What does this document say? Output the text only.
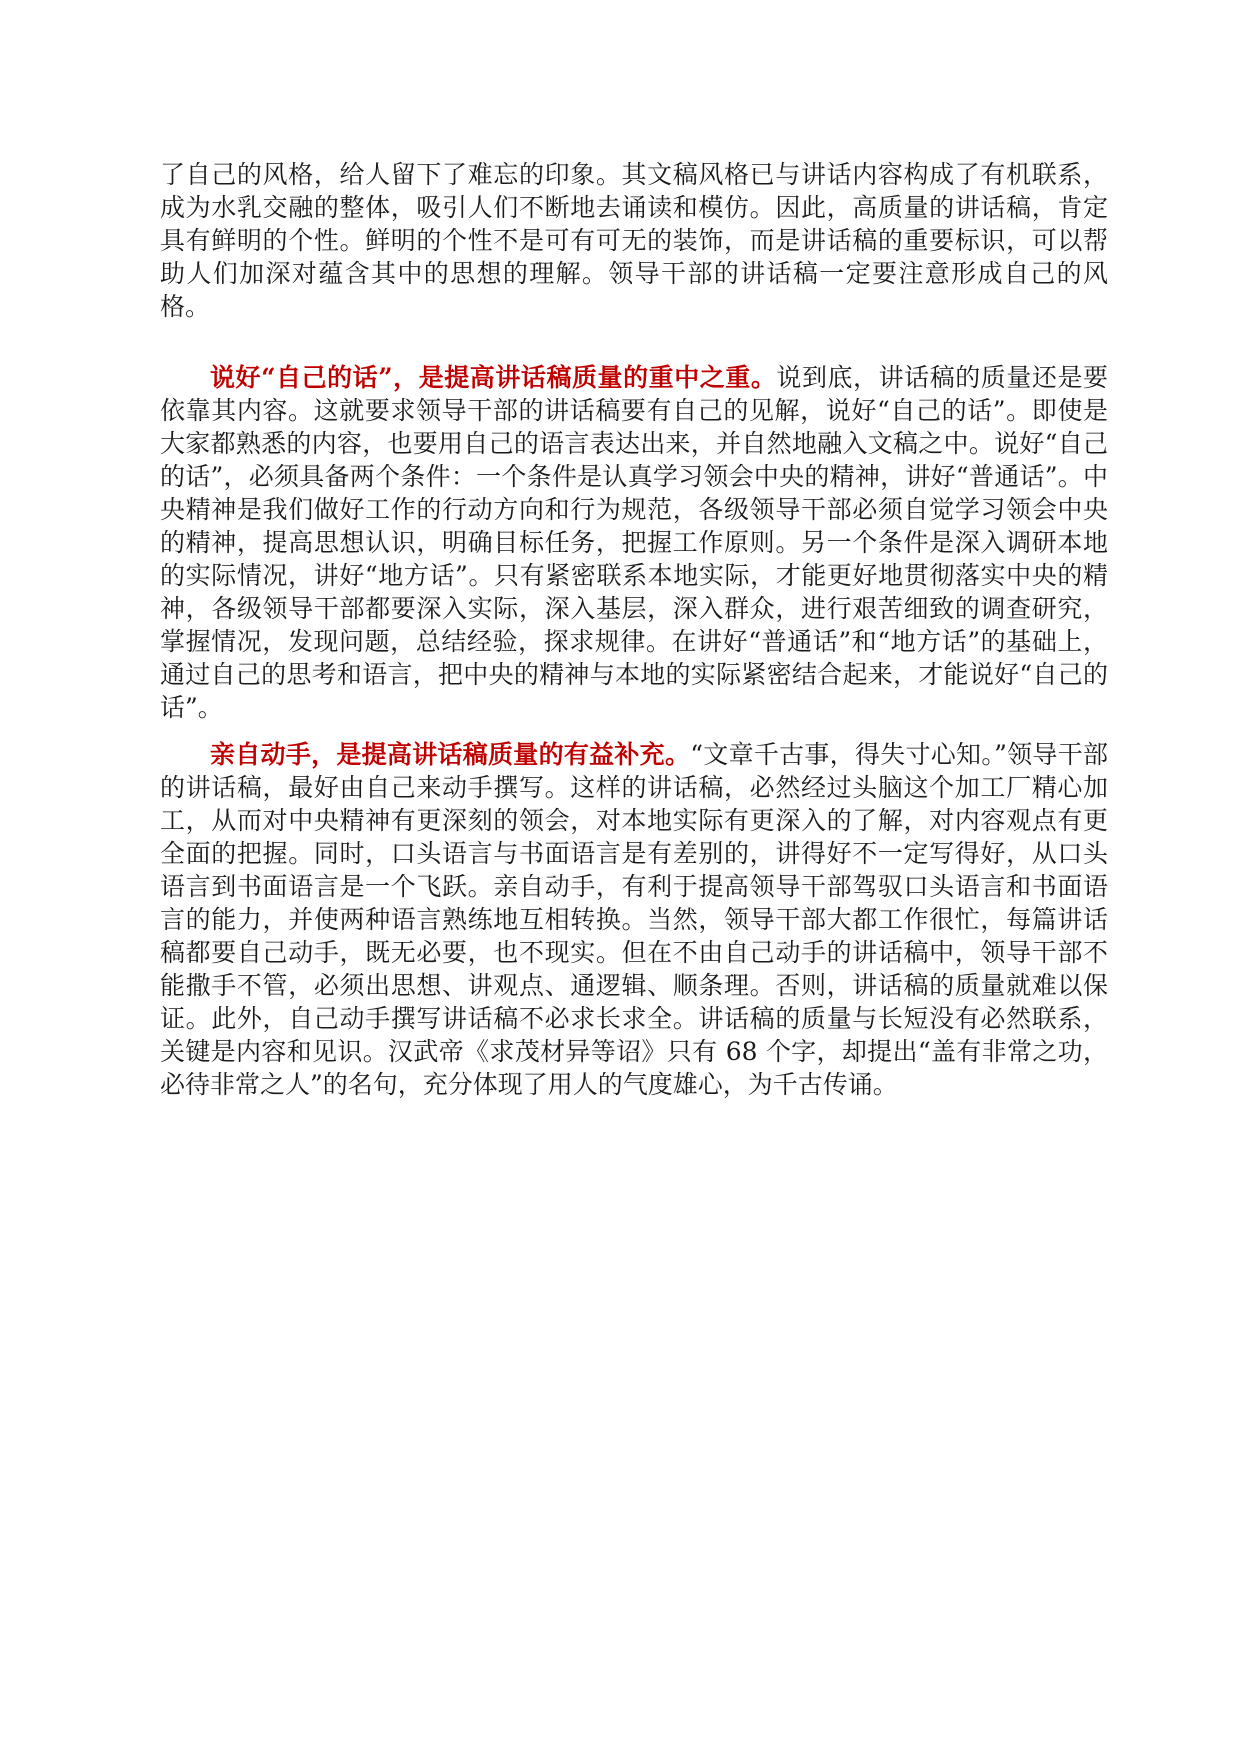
了自己的风格，给人留下了难忘的印象。其文稿风格已与讲话内容构成了有机联系，成为水乳交融的整体，吸引人们不断地去诵读和模仿。因此，高质量的讲话稿，肯定具有鲜明的个性。鲜明的个性不是可有可无的装饰，而是讲话稿的重要标识，可以帮助人们加深对蕴含其中的思想的理解。领导干部的讲话稿一定要注意形成自己的风格。

说好“自己的话”，是提高讲话稿质量的重中之重。说到底，讲话稿的质量还是要依靠其内容。这就要求领导干部的讲话稿要有自己的见解，说好“自己的话”。即使是大家都熟悉的内容，也要用自己的语言表达出来，并自然地融入文稿之中。说好“自己的话”，必须具备两个条件：一个条件是认真学习领会中央的精神，讲好“普通话”。中央精神是我们做好工作的行动方向和行为规范，各级领导干部必须自觉学习领会中央的精神，提高思想认识，明确目标任务，把握工作原则。另一个条件是深入调研本地的实际情况，讲好“地方话”。只有紧密联系本地实际，才能更好地贯彻落实中央的精神，各级领导干部都要深入实际，深入基层，深入群众，进行艰苦细致的调查研究，掌握情况，发现问题，总结经验，探求规律。在讲好“普通话”和“地方话”的基础上，通过自己的思考和语言，把中央的精神与本地的实际紧密结合起来，才能说好“自己的话”。

亲自动手，是提高讲话稿质量的有益补充。“文章千古事，得失寸心知。”领导干部的讲话稿，最好由自己来动手撰写。这样的讲话稿，必然经过头脑这个加工厂精心加工，从而对中央精神有更深刻的领会，对本地实际有更深入的了解，对内容观点有更全面的把握。同时，口头语言与书面语言是有差别的，讲得好不一定写得好，从口头语言到书面语言是一个飞跃。亲自动手，有利于提高领导干部驾驭口头语言和书面语言的能力，并使两种语言熟练地互相转换。当然，领导干部大都工作很忙，每篇讲话稿都要自己动手，既无必要，也不现实。但在不由自己动手的讲话稿中，领导干部不能撒手不管，必须出思想、讲观点、通逻辑、顺条理。否则，讲话稿的质量就难以保证。此外，自己动手撰写讲话稿不必求长求全。讲话稿的质量与长短没有必然联系，关键是内容和见识。汉武帝《求茂材异等诏》只有 68 个字，却提出“盖有非常之功，必待非常之人”的名句，充分体现了用人的气度雄心，为千古传诵。
